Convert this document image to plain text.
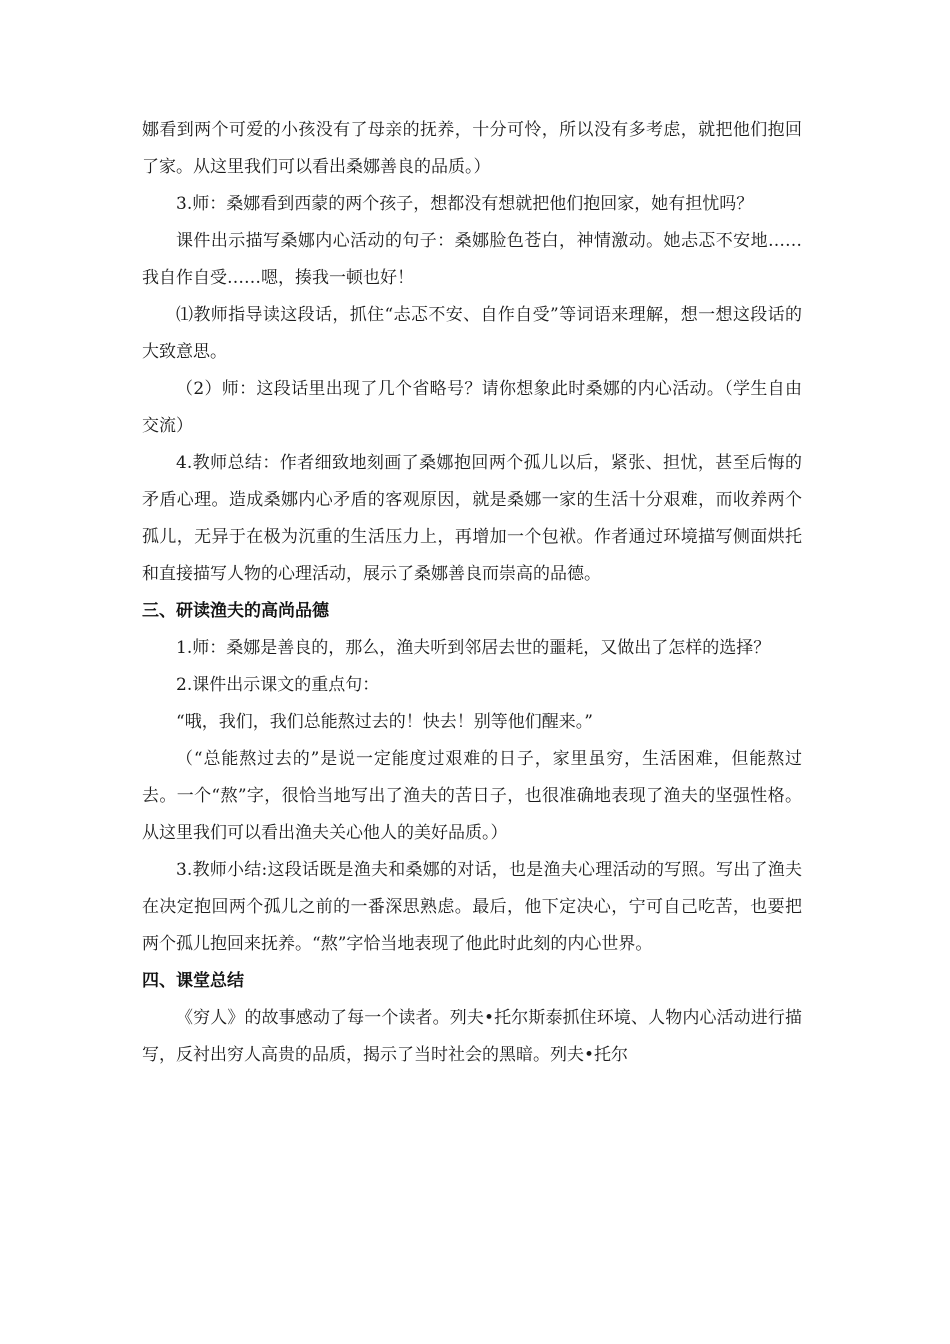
娜看到两个可爱的小孩没有了母亲的抚养，十分可怜，所以没有多考虑，就把他们抱回了家。从这里我们可以看出桑娜善良的品质。）

3.师：桑娜看到西蒙的两个孩子，想都没有想就把他们抱回家，她有担忧吗？

课件出示描写桑娜内心活动的句子：桑娜脸色苍白，神情激动。她忐忑不安地……我自作自受……嗯，揍我一顿也好！

⑴教师指导读这段话，抓住“忐忑不安、自作自受”等词语来理解，想一想这段话的大致意思。

（2）师：这段话里出现了几个省略号？请你想象此时桑娜的内心活动。（学生自由交流）

4.教师总结：作者细致地刻画了桑娜抱回两个孤儿以后，紧张、担忧，甚至后悔的矛盾心理。造成桑娜内心矛盾的客观原因，就是桑娜一家的生活十分艰难，而收养两个孤儿，无异于在极为沉重的生活压力上，再增加一个包袱。作者通过环境描写侧面烘托和直接描写人物的心理活动，展示了桑娜善良而崇高的品德。

三、研读渔夫的高尚品德

1.师：桑娜是善良的，那么，渔夫听到邻居去世的噩耗，又做出了怎样的选择？

2.课件出示课文的重点句：

“哦，我们，我们总能熬过去的！快去！别等他们醒来。”

（“总能熬过去的”是说一定能度过艰难的日子，家里虽穷，生活困难，但能熬过去。一个“熬”字，很恰当地写出了渔夫的苦日子，也很准确地表现了渔夫的坚强性格。从这里我们可以看出渔夫关心他人的美好品质。）

3.教师小结:这段话既是渔夫和桑娜的对话，也是渔夫心理活动的写照。写出了渔夫在决定抱回两个孤儿之前的一番深思熟虑。最后，他下定决心，宁可自己吃苦，也要把两个孤儿抱回来抚养。“熬”字恰当地表现了他此时此刻的内心世界。

四、课堂总结

《穷人》的故事感动了每一个读者。列夫•托尔斯泰抓住环境、人物内心活动进行描写，反衬出穷人高贵的品质，揭示了当时社会的黑暗。列夫•托尔
